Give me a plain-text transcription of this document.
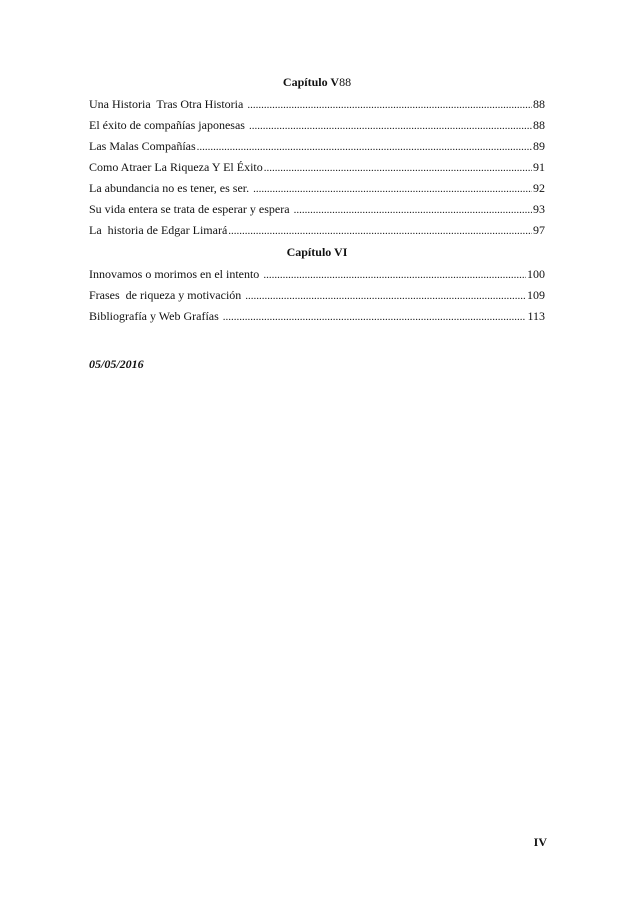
Capítulo V88
Una Historia  Tras Otra Historia .....	88
El éxito de compañías japonesas .....	88
Las Malas Compañías .....	89
Como Atraer La Riqueza Y El Éxito .....	91
La abundancia no es tener, es ser. .....	92
Su vida entera se trata de esperar y espera .....	93
La  historia de Edgar Limará .....	97
Capítulo VI
Innovamos o morimos en el intento .....	100
Frases  de riqueza y motivación .....	109
Bibliografía y Web Grafías .....	113
05/05/2016
IV
